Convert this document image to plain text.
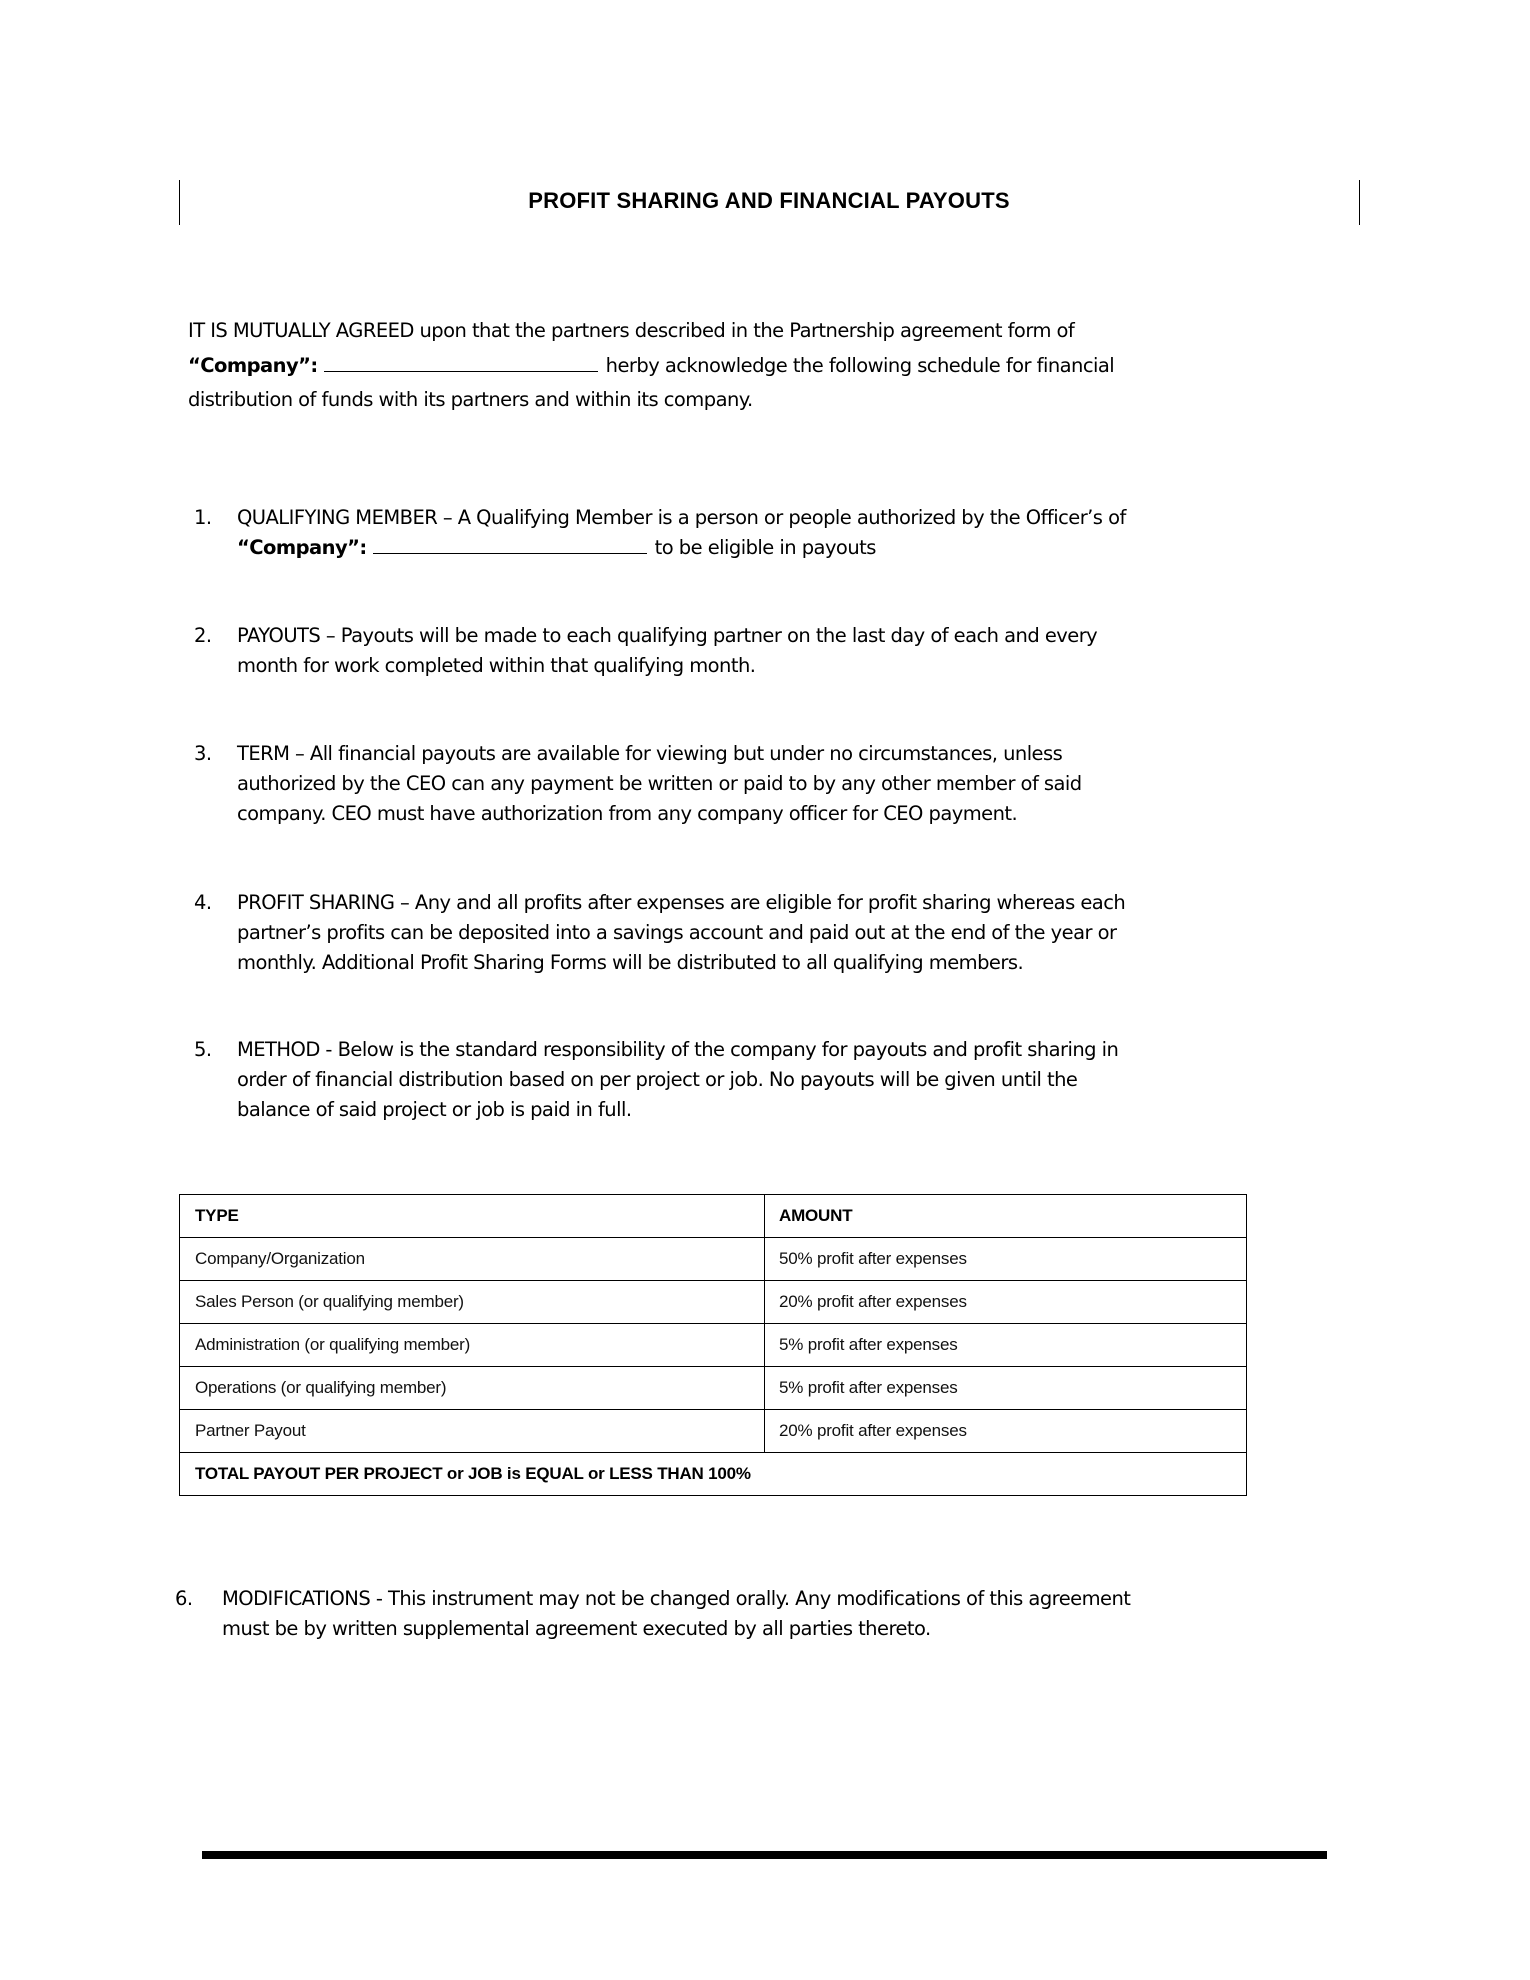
PROFIT SHARING AND FINANCIAL PAYOUTS
IT IS MUTUALLY AGREED upon that the partners described in the Partnership agreement form of
“Company”:	herby acknowledge the following schedule for financial
distribution of funds with its partners and within its company.
1. QUALIFYING MEMBER – A Qualifying Member is a person or people authorized by the Officer’s of
“Company”:	to be eligible in payouts
2. PAYOUTS – Payouts will be made to each qualifying partner on the last day of each and every
month for work completed within that qualifying month.
3. TERM – All financial payouts are available for viewing but under no circumstances, unless
authorized by the CEO can any payment be written or paid to by any other member of said
company. CEO must have authorization from any company officer for CEO payment.
4. PROFIT SHARING – Any and all profits after expenses are eligible for profit sharing whereas each
partner’s profits can be deposited into a savings account and paid out at the end of the year or
monthly. Additional Profit Sharing Forms will be distributed to all qualifying members.
5. METHOD - Below is the standard responsibility of the company for payouts and profit sharing in
order of financial distribution based on per project or job. No payouts will be given until the
balance of said project or job is paid in full.
TYPE	AMOUNT
Company/Organization	50% profit after expenses
Sales Person (or qualifying member)	20% profit after expenses
Administration (or qualifying member)	5% profit after expenses
Operations (or qualifying member)	5% profit after expenses
Partner Payout	20% profit after expenses
TOTAL PAYOUT PER PROJECT or JOB is EQUAL or LESS THAN 100%	
6. MODIFICATIONS - This instrument may not be changed orally. Any modifications of this agreement
must be by written supplemental agreement executed by all parties thereto.
